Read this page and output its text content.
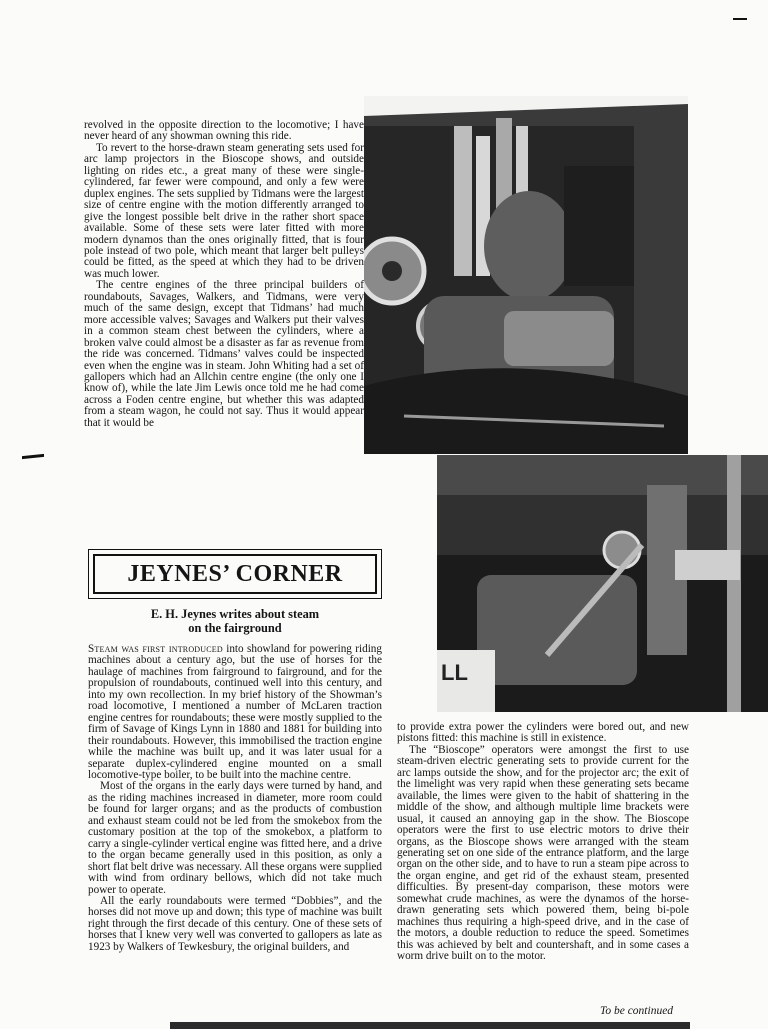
revolved in the opposite direction to the locomotive; I have never heard of any showman owning this ride.

To revert to the horse-drawn steam generating sets used for arc lamp projectors in the Bioscope shows, and outside lighting on rides etc., a great many of these were single-cylindered, far fewer were compound, and only a few were duplex engines. The sets supplied by Tidmans were the largest size of centre engine with the motion differently arranged to give the longest possible belt drive in the rather short space available. Some of these sets were later fitted with more modern dynamos than the ones originally fitted, that is four pole instead of two pole, which meant that larger belt pulleys could be fitted, as the speed at which they had to be driven was much lower.

The centre engines of the three principal builders of roundabouts, Savages, Walkers, and Tidmans, were very much of the same design, except that Tidmans’ had much more accessible valves; Savages and Walkers put their valves in a common steam chest between the cylinders, where a broken valve could almost be a disaster as far as revenue from the ride was concerned. Tidmans’ valves could be inspected even when the engine was in steam. John Whiting had a set of gallopers which had an Allchin centre engine (the only one I know of), while the late Jim Lewis once told me he had come across a Foden centre engine, but whether this was adapted from a steam wagon, he could not say. Thus it would appear that it would be

LL
JEYNES’ CORNER
E. H. Jeynes writes about steam
on the fairground

Steam was first introduced into showland for powering riding machines about a century ago, but the use of horses for the haulage of machines from fairground to fairground, and for the propulsion of roundabouts, continued well into this century, and into my own recollection. In my brief history of the Showman’s road locomotive, I mentioned a number of McLaren traction engine centres for roundabouts; these were mostly supplied to the firm of Savage of Kings Lynn in 1880 and 1881 for building into their roundabouts. However, this immobilised the traction engine while the machine was built up, and it was later usual for a separate duplex-cylindered engine mounted on a small locomotive-type boiler, to be built into the machine centre.

Most of the organs in the early days were turned by hand, and as the riding machines increased in diameter, more room could be found for larger organs; and as the products of combustion and exhaust steam could not be led from the smokebox from the customary position at the top of the smokebox, a platform to carry a single-cylinder vertical engine was fitted here, and a drive to the organ became generally used in this position, as only a short flat belt drive was necessary. All these organs were supplied with wind from ordinary bellows, which did not take much power to operate.

All the early roundabouts were termed “Dobbies”, and the horses did not move up and down; this type of machine was built right through the first decade of this century. One of these sets of horses that I knew very well was converted to gallopers as late as 1923 by Walkers of Tewkesbury, the original builders, and

to provide extra power the cylinders were bored out, and new pistons fitted: this machine is still in existence.

The “Bioscope” operators were amongst the first to use steam-driven electric generating sets to provide current for the arc lamps outside the show, and for the projector arc; the exit of the limelight was very rapid when these generating sets became available, the limes were given to the habit of shattering in the middle of the show, and although multiple lime brackets were usual, it caused an annoying gap in the show. The Bioscope operators were the first to use electric motors to drive their organs, as the Bioscope shows were arranged with the steam generating set on one side of the entrance platform, and the large organ on the other side, and to have to run a steam pipe across to the organ engine, and get rid of the exhaust steam, presented difficulties. By present-day comparison, these motors were somewhat crude machines, as were the dynamos of the horse-drawn generating sets which powered them, being bi-pole machines thus requiring a high-speed drive, and in the case of the motors, a double reduction to reduce the speed. Sometimes this was achieved by belt and countershaft, and in some cases a worm drive built on to the motor.

To be continued
